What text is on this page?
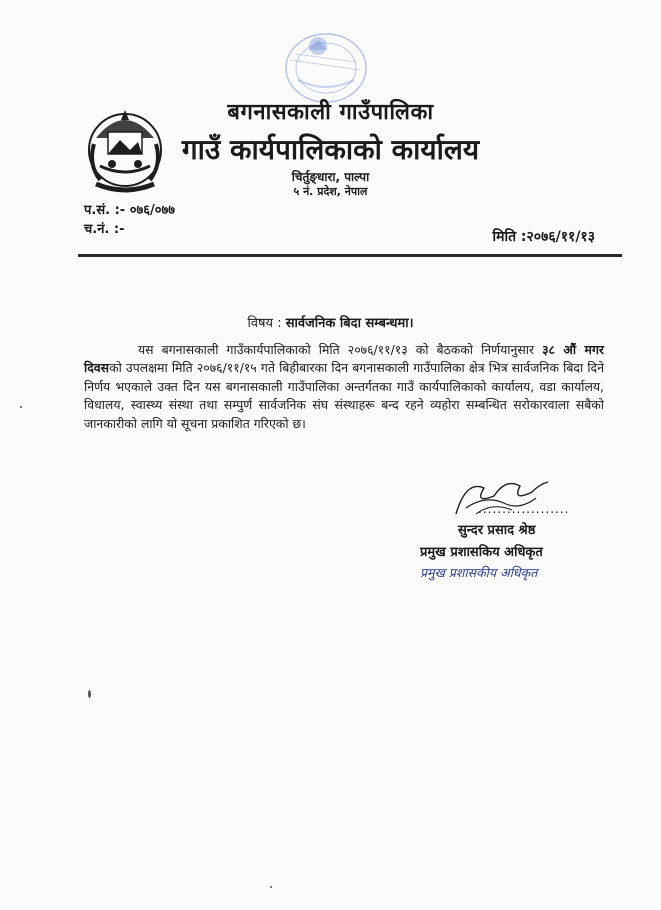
बगनासकाली गाउँपालिका
गाउँ कार्यपालिकाको कार्यालय
चिर्तुङ्धारा, पाल्पा
५ नं. प्रदेश, नेपाल
प.सं. :- ०७६/०७७
च.नं. :-	मिति :२०७६/११/१३
विषय : सार्वजनिक बिदा सम्बन्धमा।
यस बगनासकाली गाउँकार्यपालिकाको मिति २०७६/११/१३ को बैठकको निर्णयानुसार ३८ औं मगर दिवसको उपलक्षमा मिति २०७६/११/१५ गते बिहीबारका दिन बगनासकाली गाउँपालिका क्षेत्र भित्र सार्वजनिक बिदा दिने निर्णय भएकाले उक्त दिन यस बगनासकाली गाउँपालिका अन्तर्गतका गाउँ कार्यपालिकाको कार्यालय, वडा कार्यालय, विधालय, स्वास्थ्य संस्था तथा सम्पुर्ण सार्वजनिक संघ संस्थाहरू बन्द रहने व्यहोरा सम्बन्धित सरोकारवाला सबैको जानकारीको लागि यो सूचना प्रकाशित गरिएको छ।
...................
सुन्दर प्रसाद श्रेष्ठ
प्रमुख प्रशासकिय अधिकृत
प्रमुख प्रशासकीय अधिकृत
